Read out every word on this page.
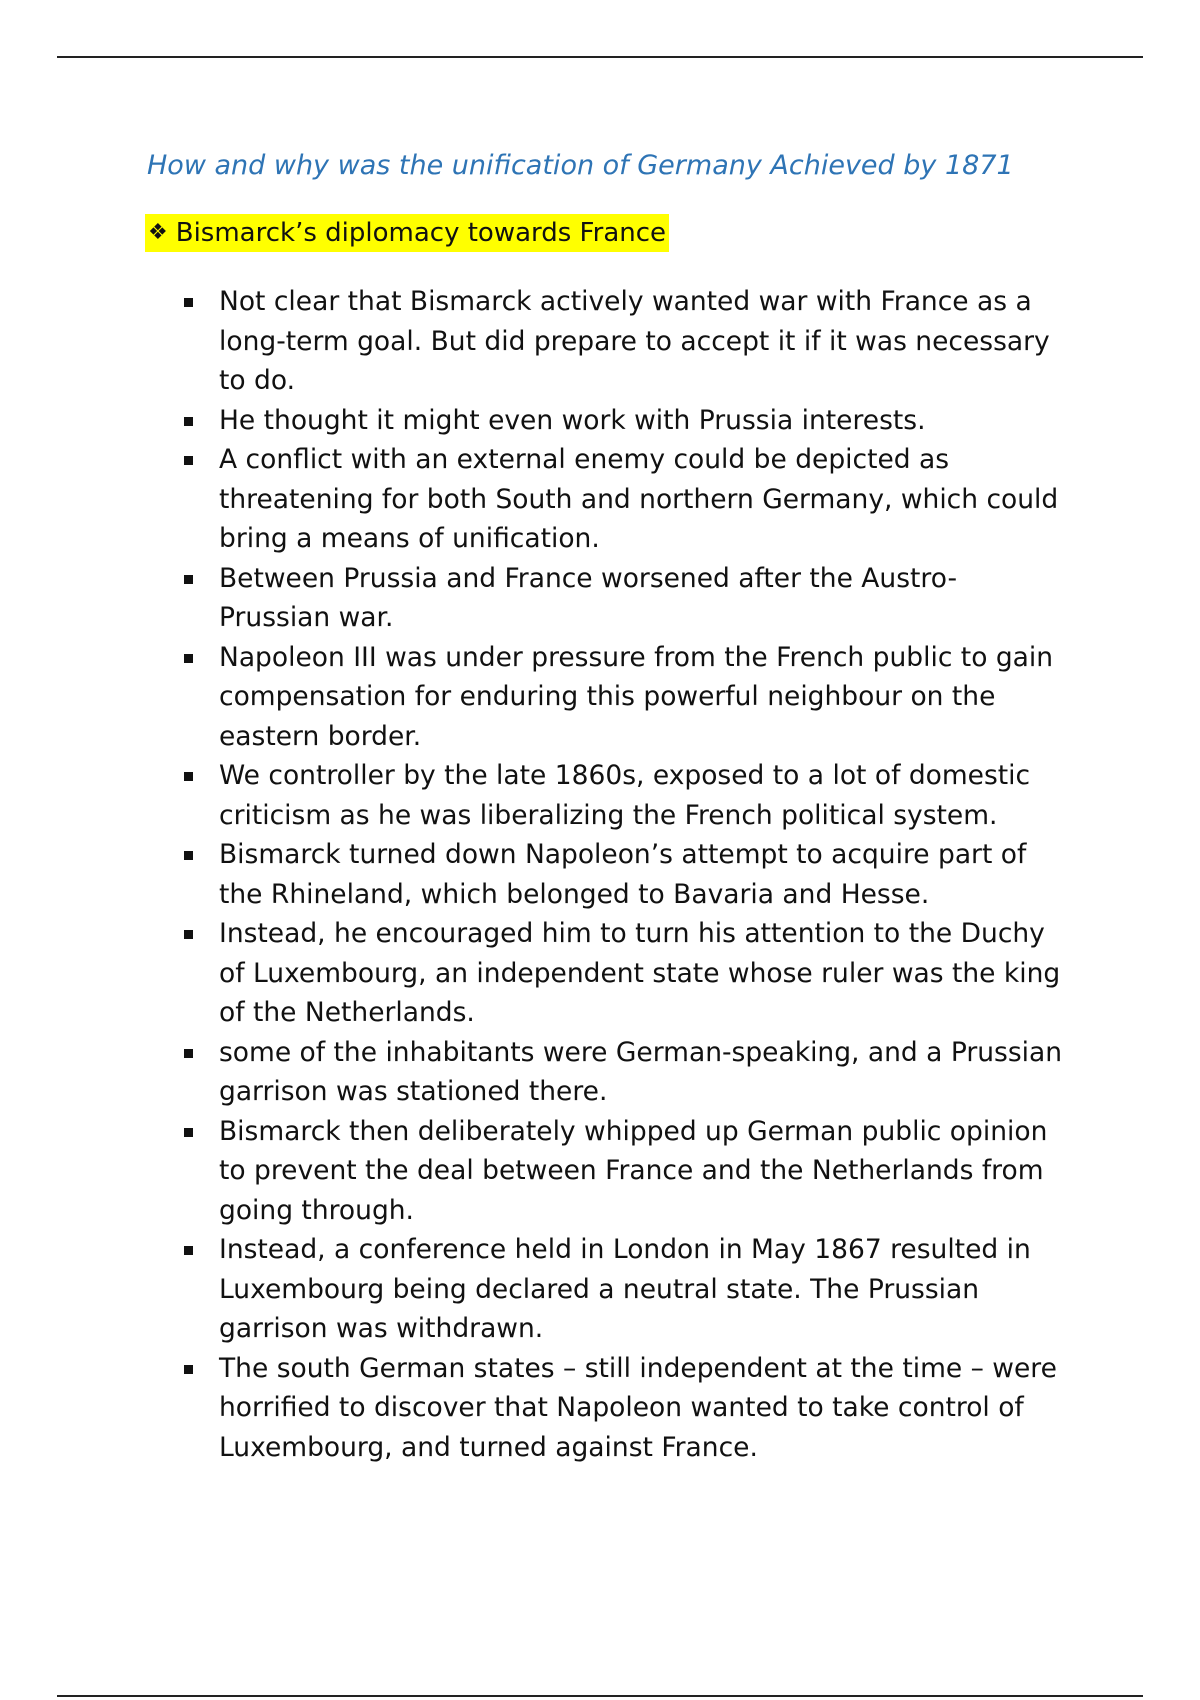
How and why was the unification of Germany Achieved by 1871
❖ Bismarck’s diplomacy towards France
Not clear that Bismarck actively wanted war with France as a long-term goal. But did prepare to accept it if it was necessary to do.
He thought it might even work with Prussia interests.
A conflict with an external enemy could be depicted as threatening for both South and northern Germany, which could bring a means of unification.
Between Prussia and France worsened after the Austro-Prussian war.
Napoleon III was under pressure from the French public to gain compensation for enduring this powerful neighbour on the eastern border.
We controller by the late 1860s, exposed to a lot of domestic criticism as he was liberalizing the French political system.
Bismarck turned down Napoleon’s attempt to acquire part of the Rhineland, which belonged to Bavaria and Hesse.
Instead, he encouraged him to turn his attention to the Duchy of Luxembourg, an independent state whose ruler was the king of the Netherlands.
some of the inhabitants were German-speaking, and a Prussian garrison was stationed there.
Bismarck then deliberately whipped up German public opinion to prevent the deal between France and the Netherlands from going through.
Instead, a conference held in London in May 1867 resulted in Luxembourg being declared a neutral state. The Prussian garrison was withdrawn.
The south German states – still independent at the time – were horrified to discover that Napoleon wanted to take control of Luxembourg, and turned against France.
